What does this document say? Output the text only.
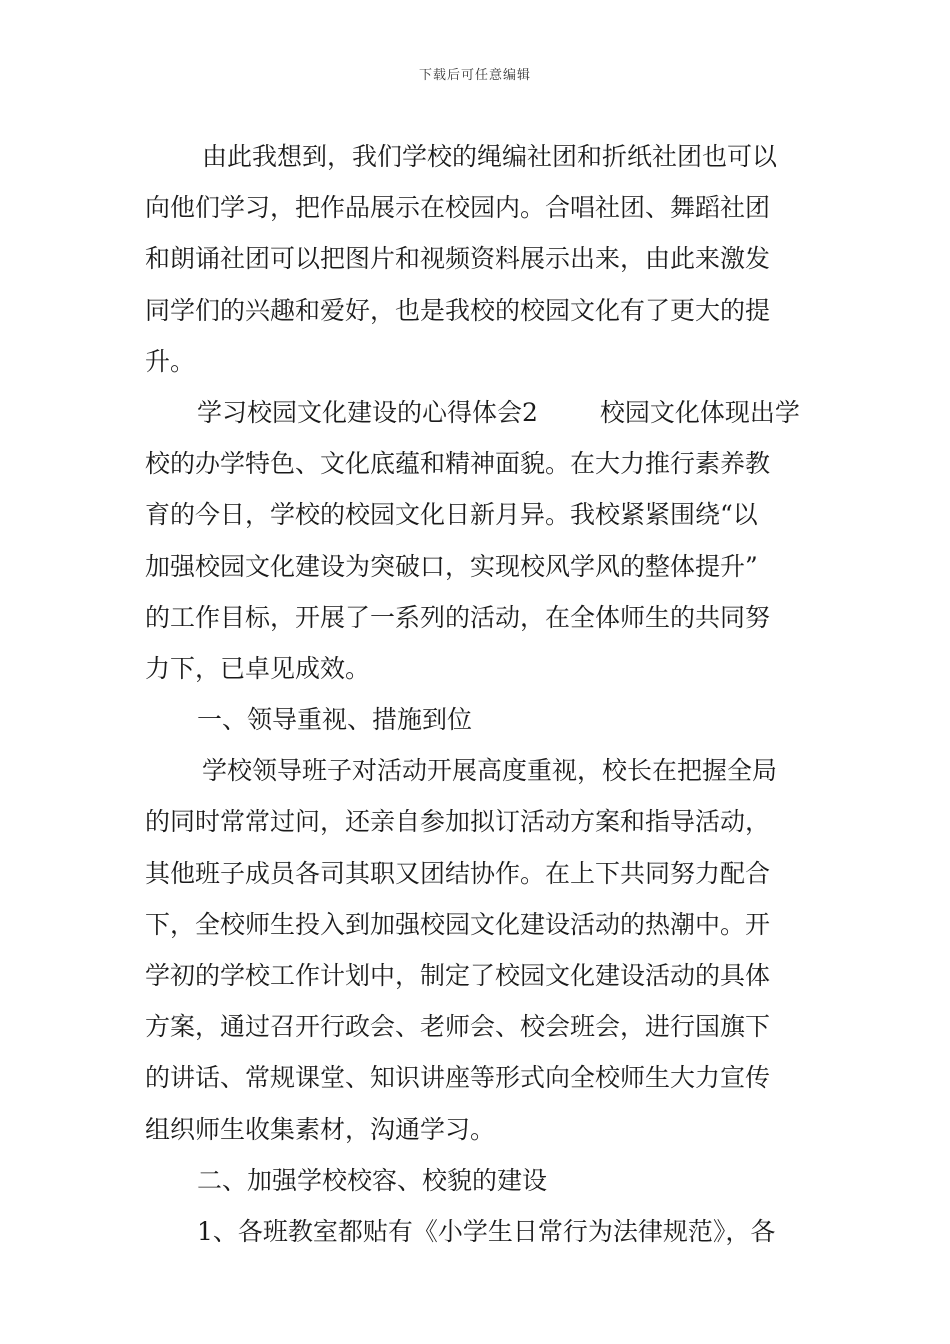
下载后可任意编辑
由此我想到，我们学校的绳编社团和折纸社团也可以
向他们学习，把作品展示在校园内。合唱社团、舞蹈社团
和朗诵社团可以把图片和视频资料展示出来，由此来激发
同学们的兴趣和爱好，也是我校的校园文化有了更大的提
升。
学习校园文化建设的心得体会2 校园文化体现出学
校的办学特色、文化底蕴和精神面貌。在大力推行素养教
育的今日，学校的校园文化日新月异。我校紧紧围绕“以
加强校园文化建设为突破口，实现校风学风的整体提升”
的工作目标，开展了一系列的活动，在全体师生的共同努
力下，已卓见成效。
一、领导重视、措施到位
学校领导班子对活动开展高度重视，校长在把握全局
的同时常常过问，还亲自参加拟订活动方案和指导活动，
其他班子成员各司其职又团结协作。在上下共同努力配合
下，全校师生投入到加强校园文化建设活动的热潮中。开
学初的学校工作计划中，制定了校园文化建设活动的具体
方案，通过召开行政会、老师会、校会班会，进行国旗下
的讲话、常规课堂、知识讲座等形式向全校师生大力宣传
组织师生收集素材，沟通学习。
二、加强学校校容、校貌的建设
1、各班教室都贴有《小学生日常行为法律规范》，各
